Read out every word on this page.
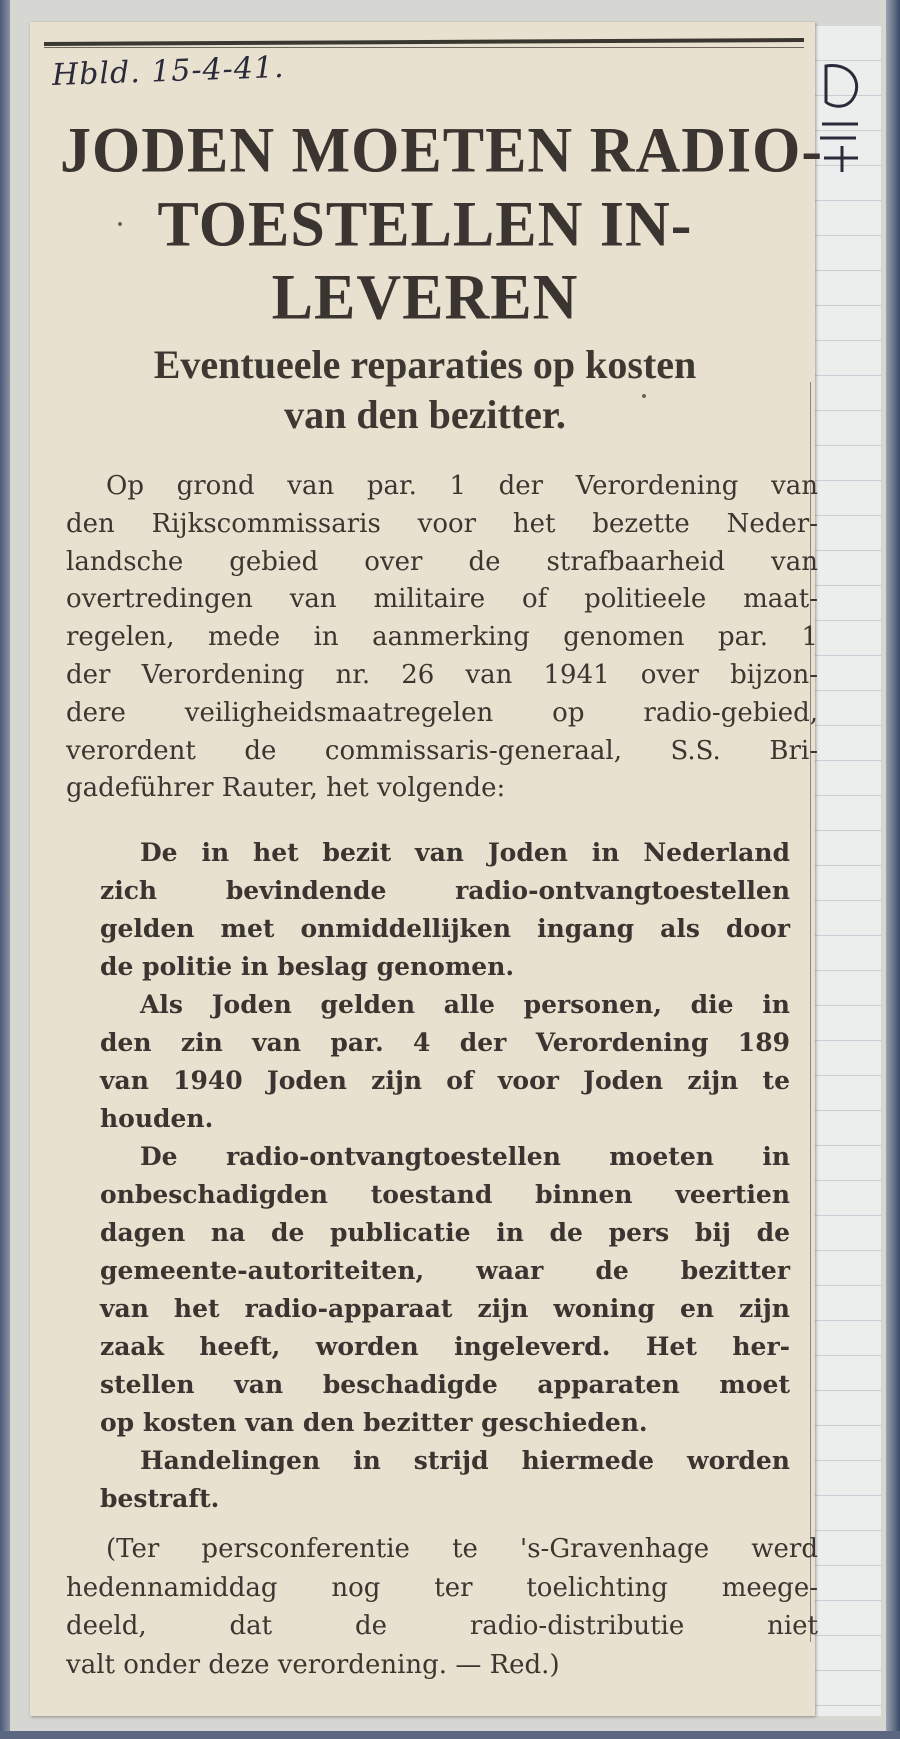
Hbld. 15-4-41.
JODEN MOETEN RADIO-
TOESTELLEN IN-
LEVEREN
Eventueele reparaties op kosten
van den bezitter.
Op grond van par. 1 der Verordening van
den Rijkscommissaris voor het bezette Neder-
landsche gebied over de strafbaarheid van
overtredingen van militaire of politieele maat-
regelen, mede in aanmerking genomen par. 1
der Verordening nr. 26 van 1941 over bijzon-
dere veiligheidsmaatregelen op radio-gebied,
verordent de commissaris-generaal, S.S. Bri-
gadeführer Rauter, het volgende:
De in het bezit van Joden in Nederland
zich bevindende radio-ontvangtoestellen
gelden met onmiddellijken ingang als door
de politie in beslag genomen.
Als Joden gelden alle personen, die in
den zin van par. 4 der Verordening 189
van 1940 Joden zijn of voor Joden zijn te
houden.
De radio-ontvangtoestellen moeten in
onbeschadigden toestand binnen veertien
dagen na de publicatie in de pers bij de
gemeente-autoriteiten, waar de bezitter
van het radio-apparaat zijn woning en zijn
zaak heeft, worden ingeleverd. Het her-
stellen van beschadigde apparaten moet
op kosten van den bezitter geschieden.
Handelingen in strijd hiermede worden
bestraft.
(Ter persconferentie te 's-Gravenhage werd
hedennamiddag nog ter toelichting meege-
deeld, dat de radio-distributie niet
valt onder deze verordening. — Red.)
